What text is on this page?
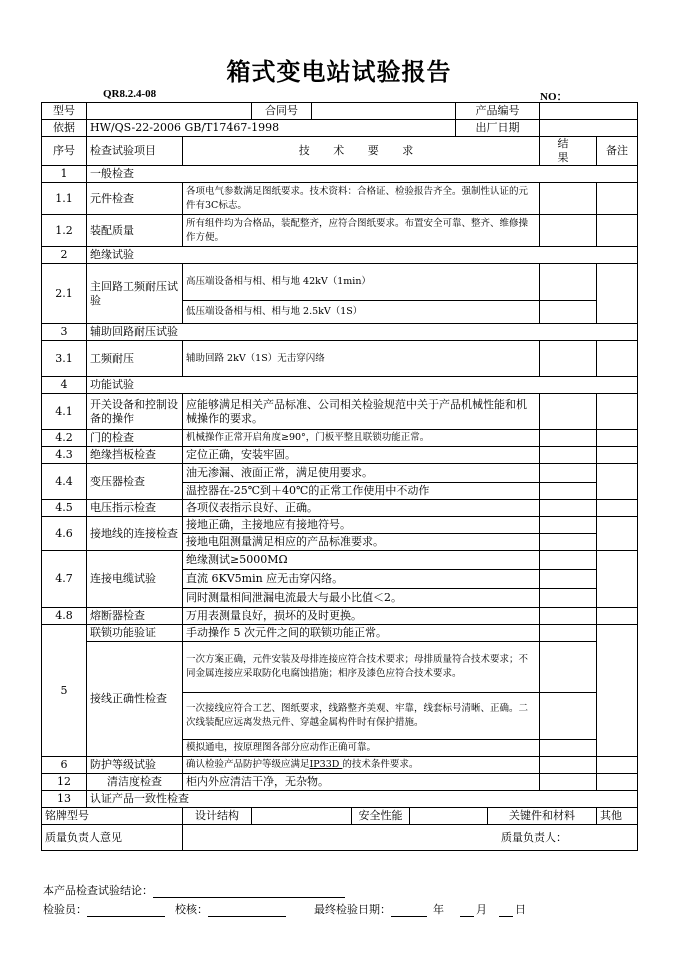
箱式变电站试验报告
QR8.2.4-08	NO：
型号			合同号				产品编号			
依据	HW/QS-22-2006 GB/T17467-1998						出厂日期			
序号	检查试验项目	技 术 要 求							结 果	备注
1	一般检查									
1.1	元件检查	各项电气参数满足图纸要求。技术资料：合格证、检验报告齐全。强制性认证的元件有3C标志。								
1.2	装配质量	所有组件均为合格品，装配整齐，应符合图纸要求。布置安全可靠、整齐、维修操作方便。								
2	绝缘试验									
2.1	主回路工频耐压试验	高压端设备相与相、相与地 42kV（1min）								
		低压端设备相与相、相与地 2.5kV（1S）								
3	辅助回路耐压试验									
3.1	工频耐压	辅助回路 2kV（1S）无击穿闪络								
4	功能试验									
4.1	开关设备和控制设备的操作	应能够满足相关产品标准、公司相关检验规范中关于产品机械性能和机械操作的要求。								
4.2	门的检查	机械操作正常开启角度≥90°，门板平整且联锁功能正常。								
4.3	绝缘挡板检查	定位正确，安装牢固。								
4.4	变压器检查	油无渗漏、液面正常，满足使用要求。								
		温控器在-25℃到＋40℃的正常工作使用中不动作								
4.5	电压指示检查	各项仪表指示良好、正确。								
4.6	接地线的连接检查	接地正确，主接地应有接地符号。								
		接地电阻测量满足相应的产品标准要求。								
4.7	连接电缆试验	绝缘测试≥5000MΩ								
		直流 6KV5min 应无击穿闪络。								
		同时测量相间泄漏电流最大与最小比值＜2。								
4.8	熔断器检查	万用表测量良好，损坏的及时更换。								
5	联锁功能验证	手动操作 5 次元件之间的联锁功能正常。								
	接线正确性检查	一次方案正确，元件安装及母排连接应符合技术要求；母排质量符合技术要求；不同金属连接应采取防化电腐蚀措施；相序及漆色应符合技术要求。								
		一次接线应符合工艺、图纸要求，线路整齐美观、牢靠，线套标号清晰、正确。二次线装配应远离发热元件、穿越金属构件时有保护措施。								
		模拟通电，按原理图各部分应动作正确可靠。								
6	防护等级试验	确认检验产品防护等级应满足IP33D 的技术条件要求。								
12	清洁度检查	柜内外应清洁干净，无杂物。								
13	认证产品一致性检查									
铭牌型号		设计结构			安全性能			关键件和材料		其他
质量负责人意见		质量负责人：								
本产品检查试验结论：
检验员：	校核：	最终检验日期：	年	月	日
